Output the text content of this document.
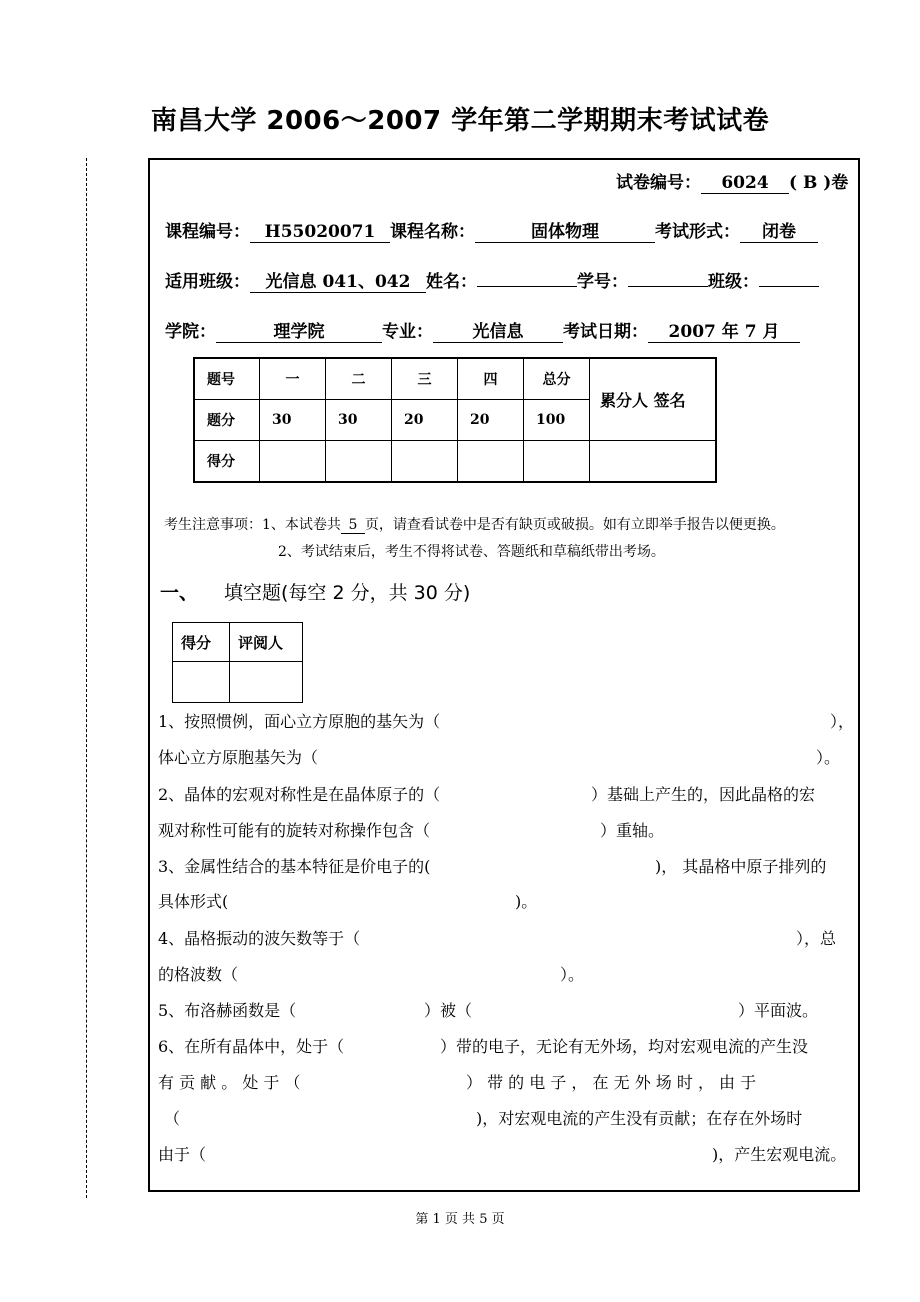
南昌大学 2006～2007 学年第二学期期末考试试卷
试卷编号： 6024 ( B )卷
课程编号： H55020071 课程名称：	固体物理	考试形式： 闭卷
适用班级： 光信息 041、042 姓名：	学号：	班级：
学院：	理学院	专业： 光信息 考试日期： 2007 年 7 月
题号	一	二	三	四	总分	累分人 签名
题分	30	30	20	20	100	
得分						
考生注意事项：1、本试卷共 5 页，请查看试卷中是否有缺页或破损。如有立即举手报告以便更换。
2、考试结束后，考生不得将试卷、答题纸和草稿纸带出考场。
一、 填空题(每空 2 分，共 30 分)
得分	评阅人

1、按照惯例，面心立方原胞的基矢为（	），
体心立方原胞基矢为（	）。
2、晶体的宏观对称性是在晶体原子的（	）基础上产生的，因此晶格的宏
观对称性可能有的旋转对称操作包含（	）重轴。
3、金属性结合的基本特征是价电子的(	)， 其晶格中原子排列的
具体形式(	)。
4、晶格振动的波矢数等于（	），总
的格波数（	）。
5、布洛赫函数是（	）被（	）平面波。
6、在所有晶体中，处于（	）带的电子，无论有无外场，均对宏观电流的产生没
有 贡 献 。 处 于 （	） 带 的 电 子 ， 在 无 外 场 时 ， 由 于
（	)，对宏观电流的产生没有贡献；在存在外场时
由于（	)，产生宏观电流。
第 1 页 共 5 页
